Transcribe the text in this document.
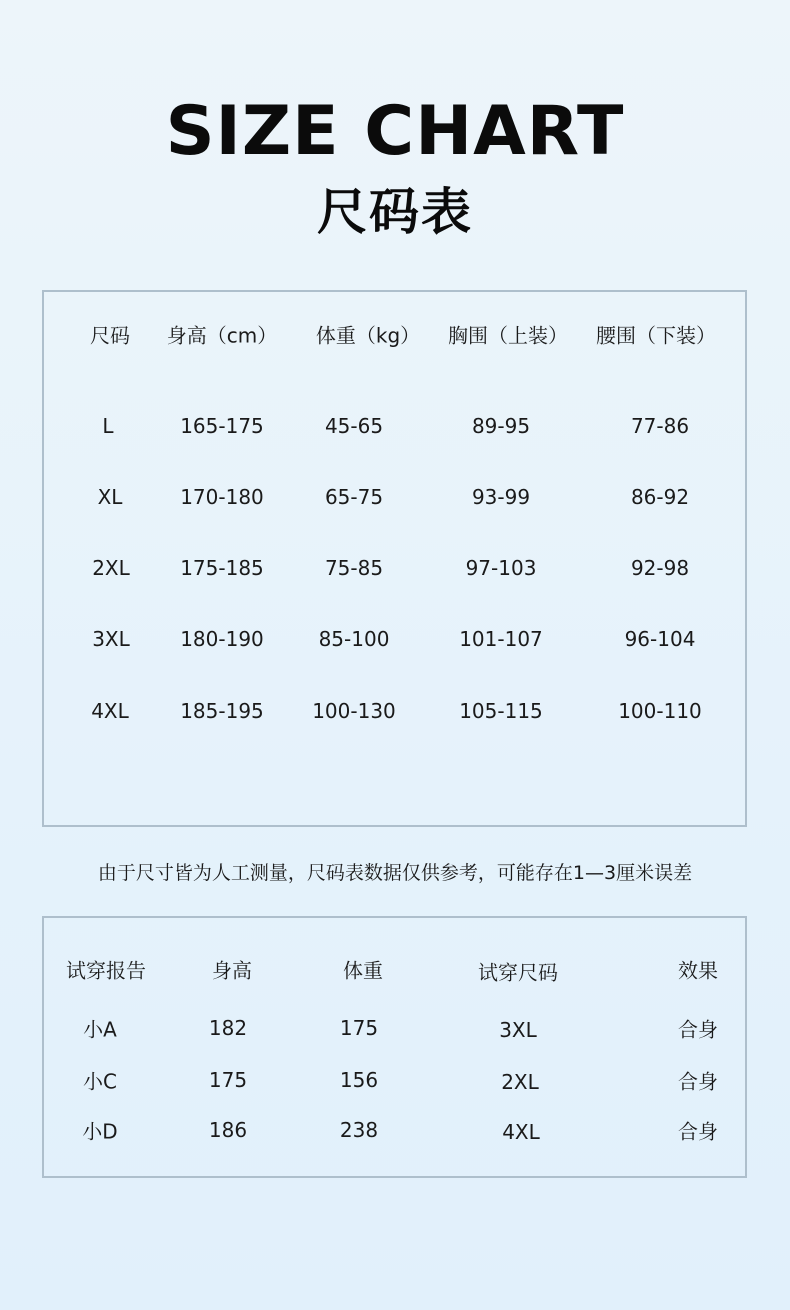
SIZE CHART
尺码表
尺码 身高（cm） 体重（kg） 胸围（上装） 腰围（下装）
L	165-175	45-65	89-95	77-86
XL	170-180	65-75	93-99	86-92
2XL	175-185	75-85	97-103	92-98
3XL	180-190	85-100	101-107	96-104
4XL	185-195 100-130	105-115	100-110
由于尺寸皆为人工测量，尺码表数据仅供参考，可能存在1—3厘米误差
试穿报告	身高	体重	试穿尺码	效果
小A	182	175	3XL	合身
小C	175	156	2XL	合身
小D	186	238	4XL	合身
